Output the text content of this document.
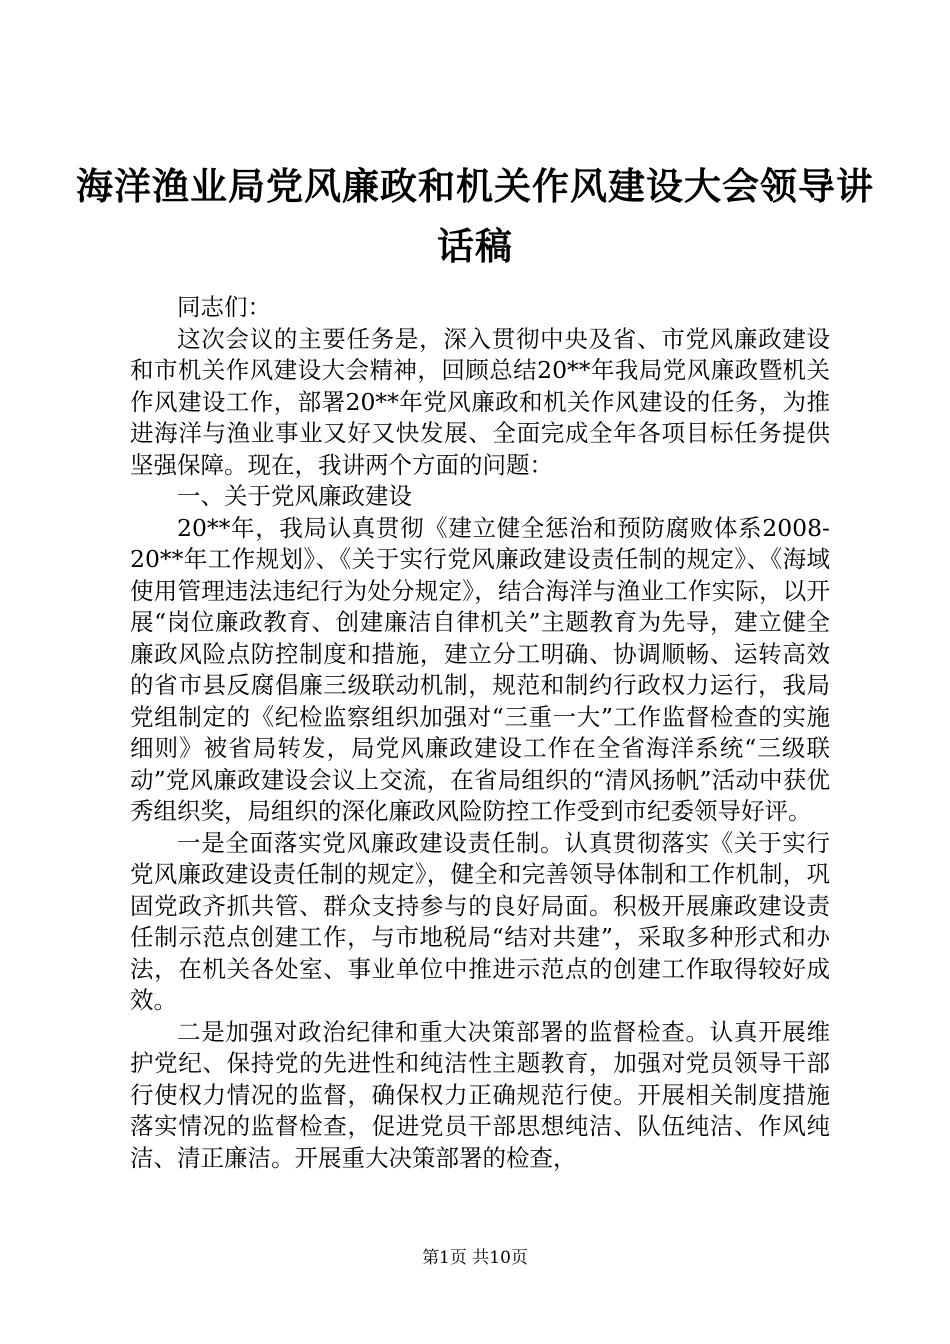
海洋渔业局党风廉政和机关作风建设大会领导讲话稿

同志们：

这次会议的主要任务是，深入贯彻中央及省、市党风廉政建设和市机关作风建设大会精神，回顾总结20**年我局党风廉政暨机关作风建设工作，部署20**年党风廉政和机关作风建设的任务，为推进海洋与渔业事业又好又快发展、全面完成全年各项目标任务提供坚强保障。现在，我讲两个方面的问题：

一、关于党风廉政建设

20**年，我局认真贯彻《建立健全惩治和预防腐败体系2008-20**年工作规划》、《关于实行党风廉政建设责任制的规定》、《海域使用管理违法违纪行为处分规定》，结合海洋与渔业工作实际，以开展“岗位廉政教育、创建廉洁自律机关”主题教育为先导，建立健全廉政风险点防控制度和措施，建立分工明确、协调顺畅、运转高效的省市县反腐倡廉三级联动机制，规范和制约行政权力运行，我局党组制定的《纪检监察组织加强对“三重一大”工作监督检查的实施细则》被省局转发，局党风廉政建设工作在全省海洋系统“三级联动”党风廉政建设会议上交流，在省局组织的“清风扬帆”活动中获优秀组织奖，局组织的深化廉政风险防控工作受到市纪委领导好评。

一是全面落实党风廉政建设责任制。认真贯彻落实《关于实行党风廉政建设责任制的规定》，健全和完善领导体制和工作机制，巩固党政齐抓共管、群众支持参与的良好局面。积极开展廉政建设责任制示范点创建工作，与市地税局“结对共建”，采取多种形式和办法，在机关各处室、事业单位中推进示范点的创建工作取得较好成效。

二是加强对政治纪律和重大决策部署的监督检查。认真开展维护党纪、保持党的先进性和纯洁性主题教育，加强对党员领导干部行使权力情况的监督，确保权力正确规范行使。开展相关制度措施落实情况的监督检查，促进党员干部思想纯洁、队伍纯洁、作风纯洁、清正廉洁。开展重大决策部署的检查，

第1页 共10页
